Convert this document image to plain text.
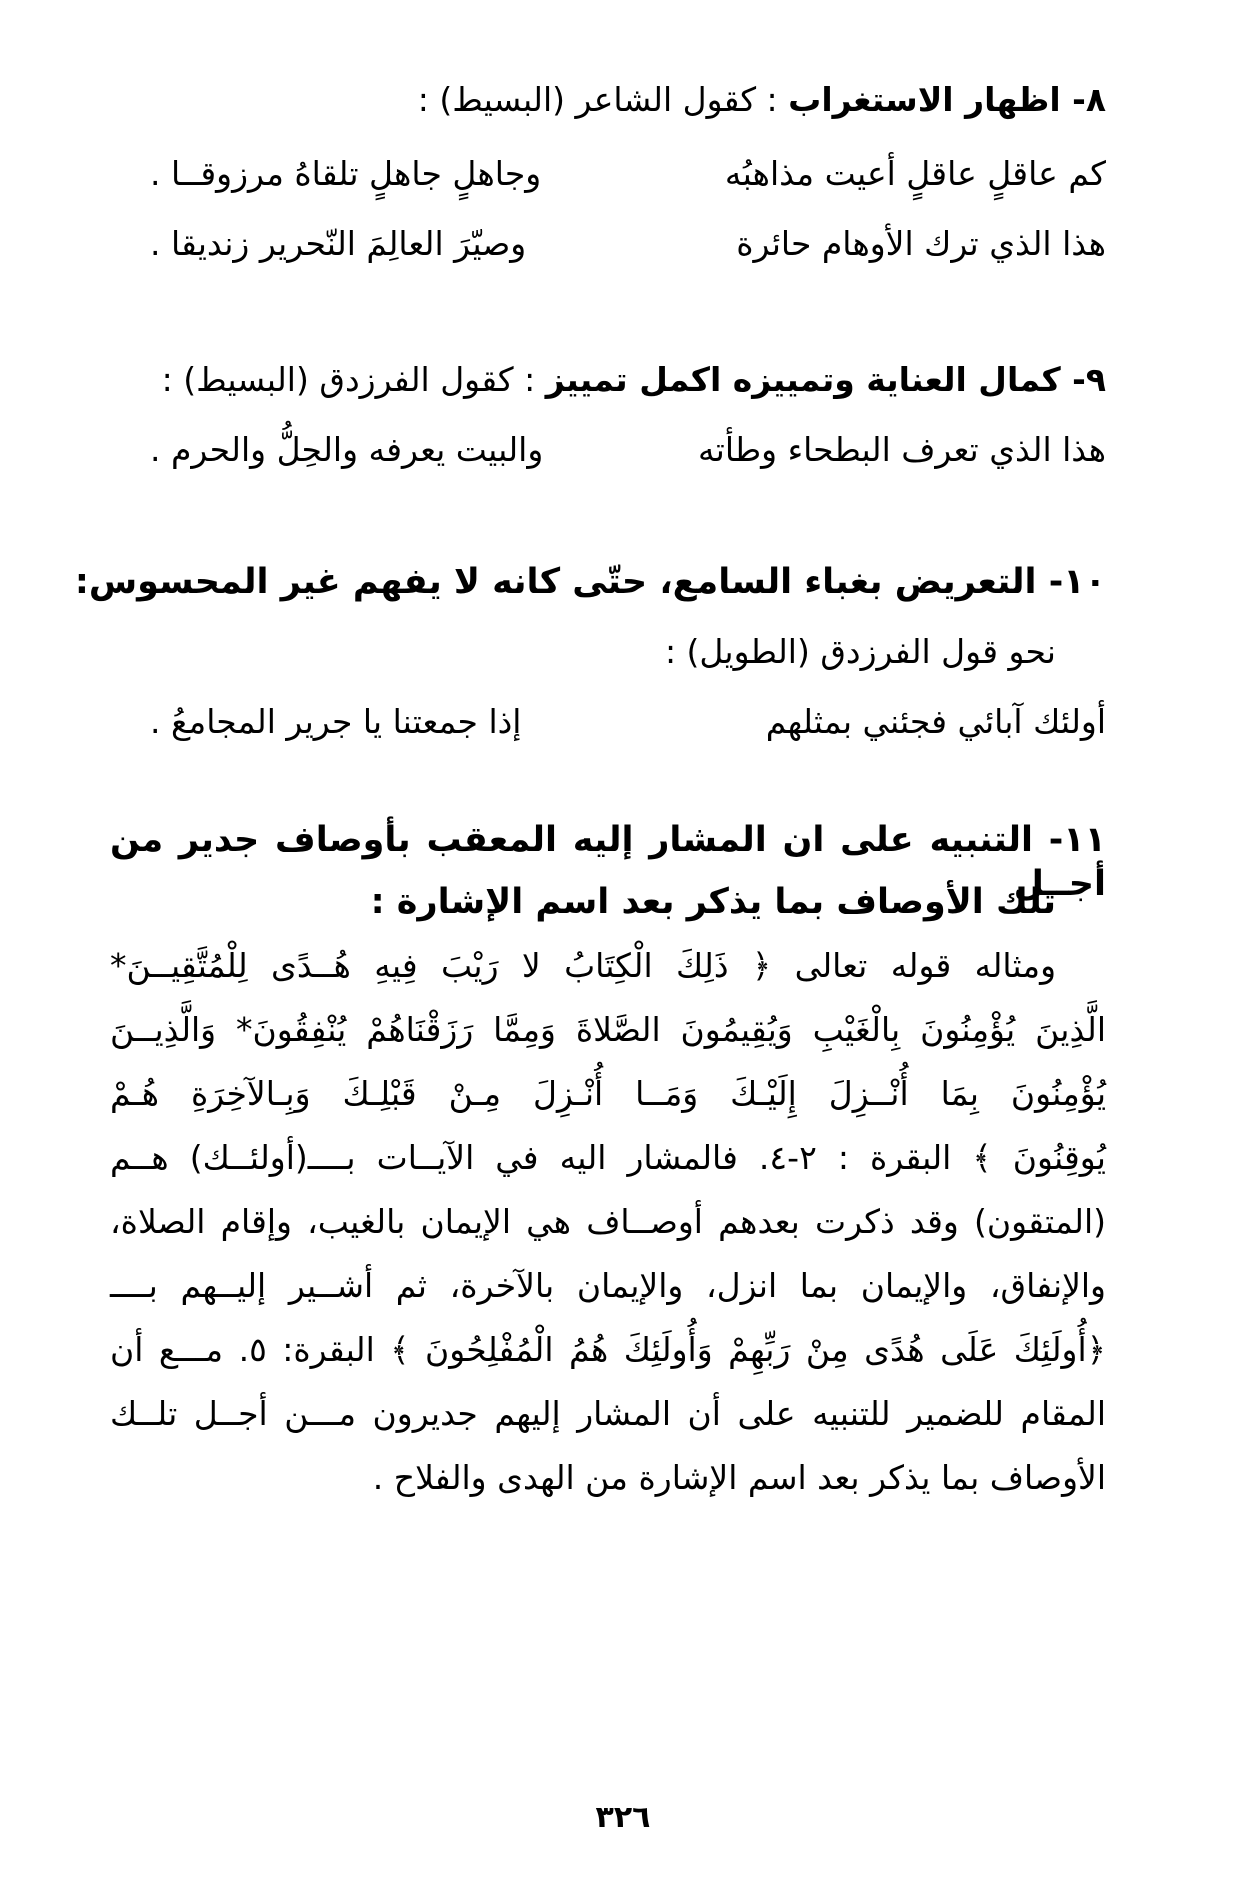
٨- اظهار الاستغراب : كقول الشاعر (البسيط) :
كم عاقلٍ عاقلٍ أعيت مذاهبُه
وجاهلٍ جاهلٍ تلقاهُ مرزوقــا .
هذا الذي ترك الأوهام حائرة
وصيّرَ العالِمَ النّحرير زنديقا .
٩- كمال العناية وتمييزه اكمل تمييز : كقول الفرزدق (البسيط) :
هذا الذي تعرف البطحاء وطأته
والبيت يعرفه والحِلُّ والحرم .
١٠- التعريض بغباء السامع، حتّى كانه لا يفهم غير المحسوس:
نحو قول الفرزدق (الطويل) :
أولئك آبائي فجئني بمثلهم
إذا جمعتنا يا جرير المجامعُ .
١١- التنبيه على ان المشار إليه المعقب بأوصاف جدير من أجــل
تلك الأوصاف بما يذكر بعد اسم الإشارة :
ومثاله قوله تعالى ﴿ ذَلِكَ الْكِتَابُ لا رَيْبَ فِيهِ هُــدًى لِلْمُتَّقِيــنَ*
الَّذِينَ يُؤْمِنُونَ بِالْغَيْبِ وَيُقِيمُونَ الصَّلاةَ وَمِمَّا رَزَقْنَاهُمْ يُنْفِقُونَ* وَالَّذِيــنَ
يُؤْمِنُونَ بِمَا أُنْــزِلَ إِلَيْـكَ وَمَــا أُنْـزِلَ مِـنْ قَبْلِـكَ وَبِـالآخِرَةِ هُـمْ
يُوقِنُونَ ﴾ البقرة : ٢-٤. فالمشار اليه في الآيــات بــــ(أولئــك) هــم
(المتقون) وقد ذكرت بعدهم أوصــاف هي الإيمان بالغيب، وإقام الصلاة،
والإنفاق، والإيمان بما انزل، والإيمان بالآخرة، ثم أشــير إليــهم بــــ
﴿أُولَئِكَ عَلَى هُدًى مِنْ رَبِّهِمْ وَأُولَئِكَ هُمُ الْمُفْلِحُونَ ﴾ البقرة: ٥. مـــع أن
المقام للضمير للتنبيه على أن المشار إليهم جديرون مـــن أجــل تلــك
الأوصاف بما يذكر بعد اسم الإشارة من الهدى والفلاح .
٣٢٦
